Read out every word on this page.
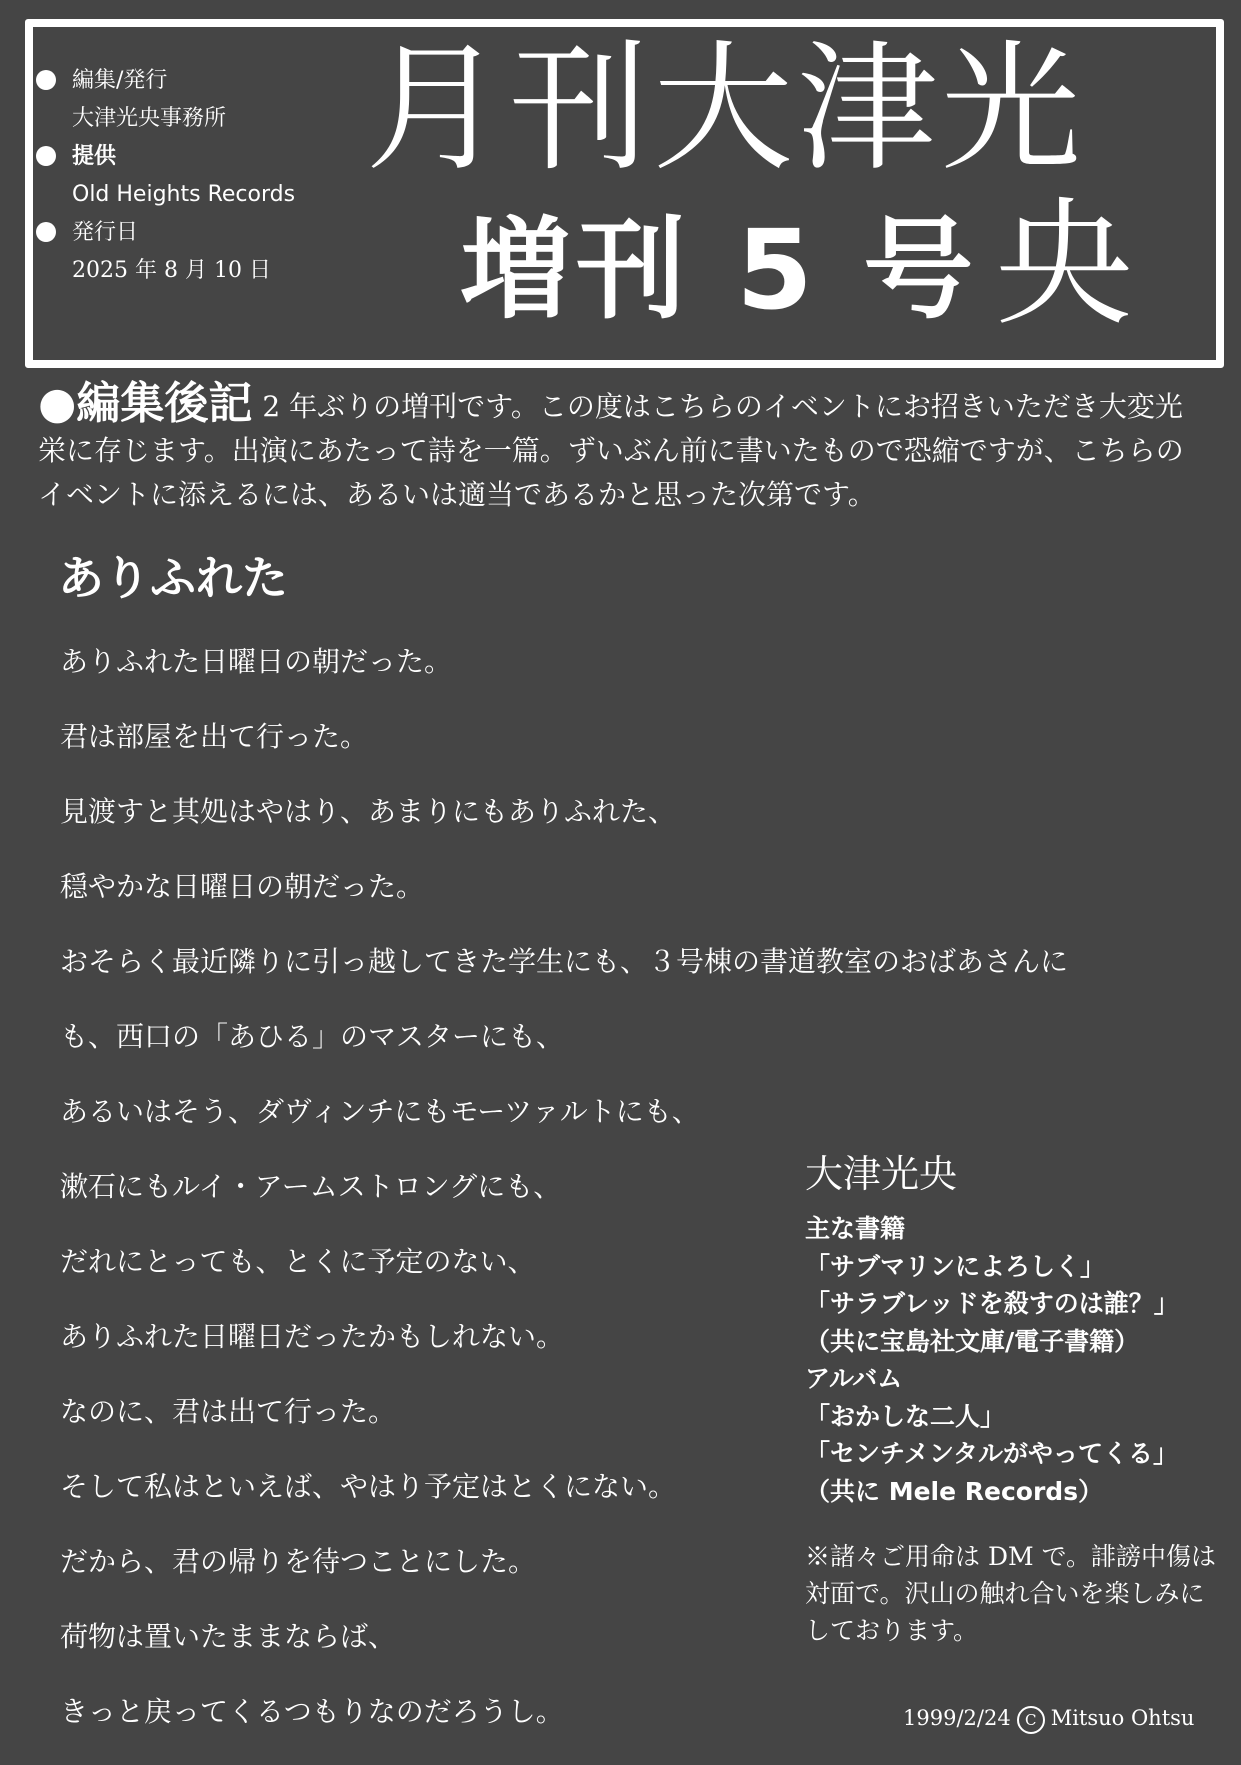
編集/発行
大津光央事務所
提供
Old Heights Records
発行日
2025 年 8 月 10 日
月刊大津光
増刊 5 号 央
●編集後記 2 年ぶりの増刊です。この度はこちらのイベントにお招きいただき大変光栄に存じます。出演にあたって詩を一篇。ずいぶん前に書いたもので恐縮ですが、こちらのイベントに添えるには、あるいは適当であるかと思った次第です。
ありふれた
ありふれた日曜日の朝だった。
君は部屋を出て行った。
見渡すと其処はやはり、あまりにもありふれた、
穏やかな日曜日の朝だった。
おそらく最近隣りに引っ越してきた学生にも、３号棟の書道教室のおばあさんに
も、西口の「あひる」のマスターにも、
あるいはそう、ダヴィンチにもモーツァルトにも、
漱石にもルイ・アームストロングにも、
だれにとっても、とくに予定のない、
ありふれた日曜日だったかもしれない。
なのに、君は出て行った。
そして私はといえば、やはり予定はとくにない。
だから、君の帰りを待つことにした。
荷物は置いたままならば、
きっと戻ってくるつもりなのだろうし。
大津光央
主な書籍
「サブマリンによろしく」
「サラブレッドを殺すのは誰？」
（共に宝島社文庫/電子書籍）
アルバム
「おかしな二人」
「センチメンタルがやってくる」
（共に Mele Records）
※諸々ご用命は DM で。誹謗中傷は対面で。沢山の触れ合いを楽しみにしております。
1999/2/24 C Mitsuo Ohtsu
